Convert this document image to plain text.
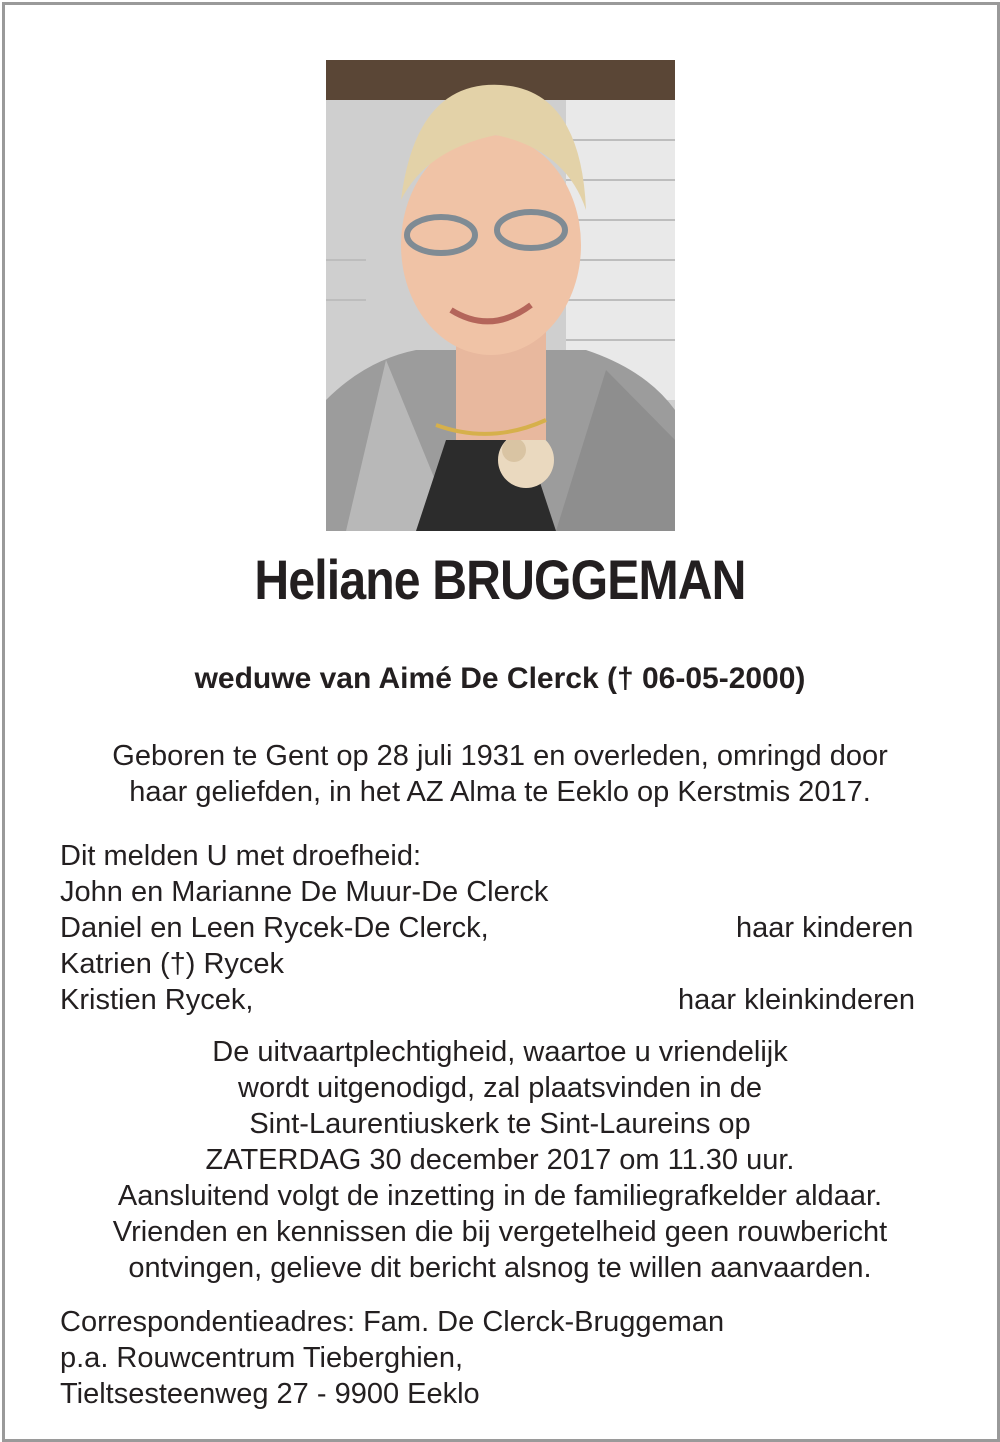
Heliane BRUGGEMAN
weduwe van Aimé De Clerck († 06-05-2000)
Geboren te Gent op 28 juli 1931 en overleden, omringd door
haar geliefden, in het AZ Alma te Eeklo op Kerstmis 2017.
Dit melden U met droefheid:
John en Marianne De Muur-De Clerck
Daniel en Leen Rycek-De Clerck,	haar kinderen
Katrien (†) Rycek
Kristien Rycek,	haar kleinkinderen
De uitvaartplechtigheid, waartoe u vriendelijk
wordt uitgenodigd, zal plaatsvinden in de
Sint-Laurentiuskerk te Sint-Laureins op
ZATERDAG 30 december 2017 om 11.30 uur.
Aansluitend volgt de inzetting in de familiegrafkelder aldaar.
Vrienden en kennissen die bij vergetelheid geen rouwbericht
ontvingen, gelieve dit bericht alsnog te willen aanvaarden.
Correspondentieadres: Fam. De Clerck-Bruggeman
p.a. Rouwcentrum Tieberghien,
Tieltsesteenweg 27 - 9900 Eeklo
